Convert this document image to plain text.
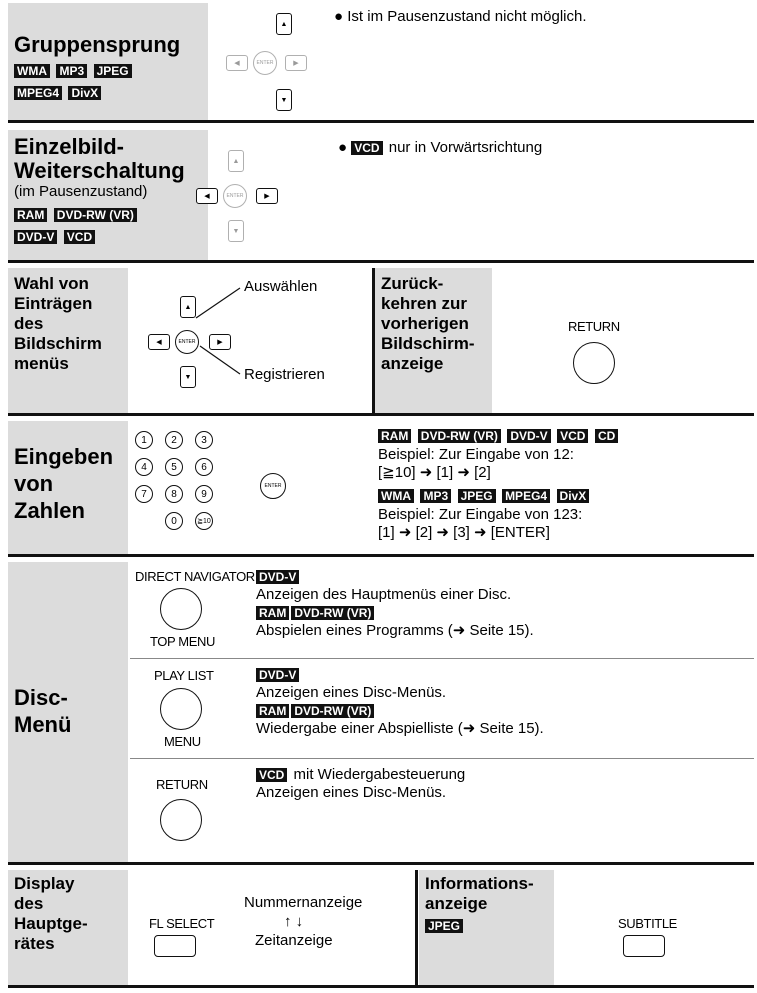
Gruppensprung
WMA MP3 JPEG
MPEG4 DivX
▲
◀	ENTER	▶
▼
● Ist im Pausenzustand nicht möglich.
Einzelbild-
Weiterschaltung
(im Pausenzustand)
RAM DVD-RW (VR)
DVD-V VCD
▲
◀	ENTER	▶
▼
● VCD nur in Vorwärtsrichtung
Wahl von
Einträgen
des
Bildschirm
menüs
▲
◀	ENTER	▶
▼
Auswählen
Registrieren
Zurück-
kehren zur
vorherigen
Bildschirm-
anzeige
RETURN
Eingeben
von
Zahlen
1	2	3
4	5	6
7	8	9
0	≧10
ENTER
RAM DVD-RW (VR) DVD-V VCD CD
Beispiel: Zur Eingabe von 12:
[≧10] ➜ [1] ➜ [2]
WMA MP3 JPEG MPEG4 DivX
Beispiel: Zur Eingabe von 123:
[1] ➜ [2] ➜ [3] ➜ [ENTER]
Disc-
Menü
DIRECT NAVIGATOR
TOP MENU
DVD-V
Anzeigen des Hauptmenüs einer Disc.
RAM DVD-RW (VR)
Abspielen eines Programms (➜ Seite 15).
PLAY LIST
MENU
DVD-V
Anzeigen eines Disc-Menüs.
RAM DVD-RW (VR)
Wiedergabe einer Abspielliste (➜ Seite 15).
RETURN
VCD mit Wiedergabesteuerung
Anzeigen eines Disc-Menüs.
Display
des
Hauptge-
rätes
FL SELECT
Nummernanzeige
↑ ↓
Zeitanzeige
Informations-
anzeige
JPEG	SUBTITLE
